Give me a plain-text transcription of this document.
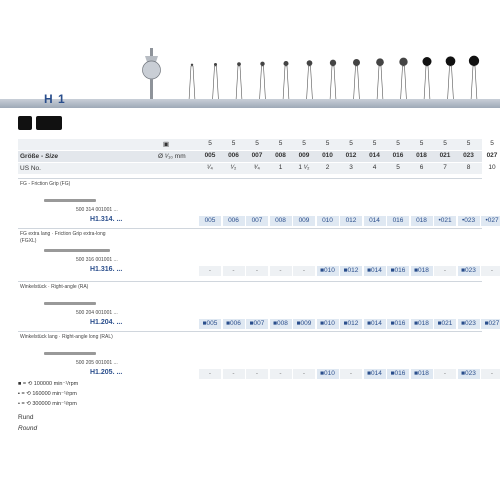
H 1
▣	5	5	5	5	5	5	5	5	5	5	5	5	5
Größe - Size	Ø ¹⁄₁₀ mm	005	006	007	008	009	010	012	014	016	018	021	023	027
US No.	¹⁄₄	¹⁄₂	³⁄₄	1	1 ¹⁄₂	2	3	4	5	6	7	8	10
FG - Friction Grip (FG)
500 314 001001 ...
H1.314. ...	005	006	007	008	009	010	012	014	016	018	•021	•023	•027
FG extra lang · Friction Grip extra-long
(FGXL)
500 316 001001 ...
H1.316. ...	-	-	-	-	-	■010	■012	■014	■016	■018	-	■023	-
Winkelstück · Right-angle (RA)
500 204 001001 ...
H1.204. ...	■005	■006	■007	■008	■009	■010	■012	■014	■016	■018	■021	■023	■027
Winkelstück lang · Right-angle long (RAL)
500 205 001001 ...
H1.205. ...	-	-	-	-	-	■010	-	■014	■016	■018	-	■023	-
■ = ⟲ 100000 min⁻¹/rpm
▪ = ⟲ 160000 min⁻¹/rpm
• = ⟲ 300000 min⁻¹/rpm
Rund
Round
